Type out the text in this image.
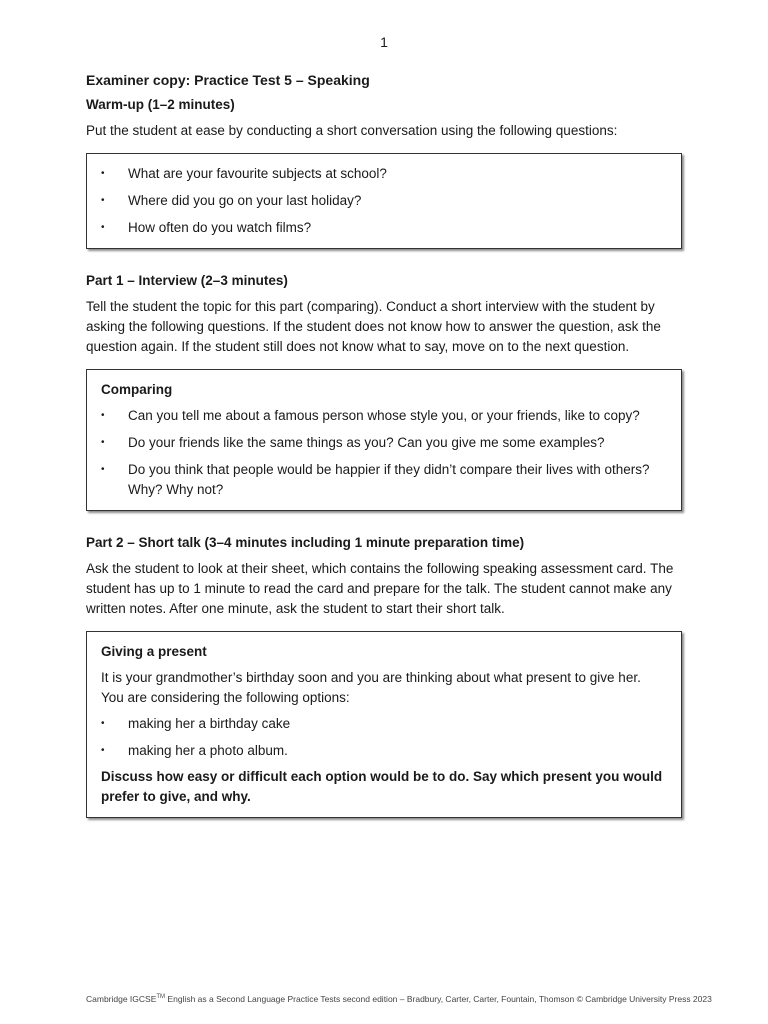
1
Examiner copy: Practice Test 5 – Speaking
Warm-up (1–2 minutes)
Put the student at ease by conducting a short conversation using the following questions:
• What are your favourite subjects at school?
• Where did you go on your last holiday?
• How often do you watch films?
Part 1 – Interview (2–3 minutes)
Tell the student the topic for this part (comparing). Conduct a short interview with the student by asking the following questions. If the student does not know how to answer the question, ask the question again. If the student still does not know what to say, move on to the next question.
Comparing
• Can you tell me about a famous person whose style you, or your friends, like to copy?
• Do your friends like the same things as you? Can you give me some examples?
• Do you think that people would be happier if they didn’t compare their lives with others? Why? Why not?
Part 2 – Short talk (3–4 minutes including 1 minute preparation time)
Ask the student to look at their sheet, which contains the following speaking assessment card. The student has up to 1 minute to read the card and prepare for the talk. The student cannot make any written notes. After one minute, ask the student to start their short talk.
Giving a present
It is your grandmother’s birthday soon and you are thinking about what present to give her. You are considering the following options:
• making her a birthday cake
• making her a photo album.
Discuss how easy or difficult each option would be to do. Say which present you would prefer to give, and why.
Cambridge IGCSE™ English as a Second Language Practice Tests second edition – Bradbury, Carter, Carter, Fountain, Thomson © Cambridge University Press 2023
